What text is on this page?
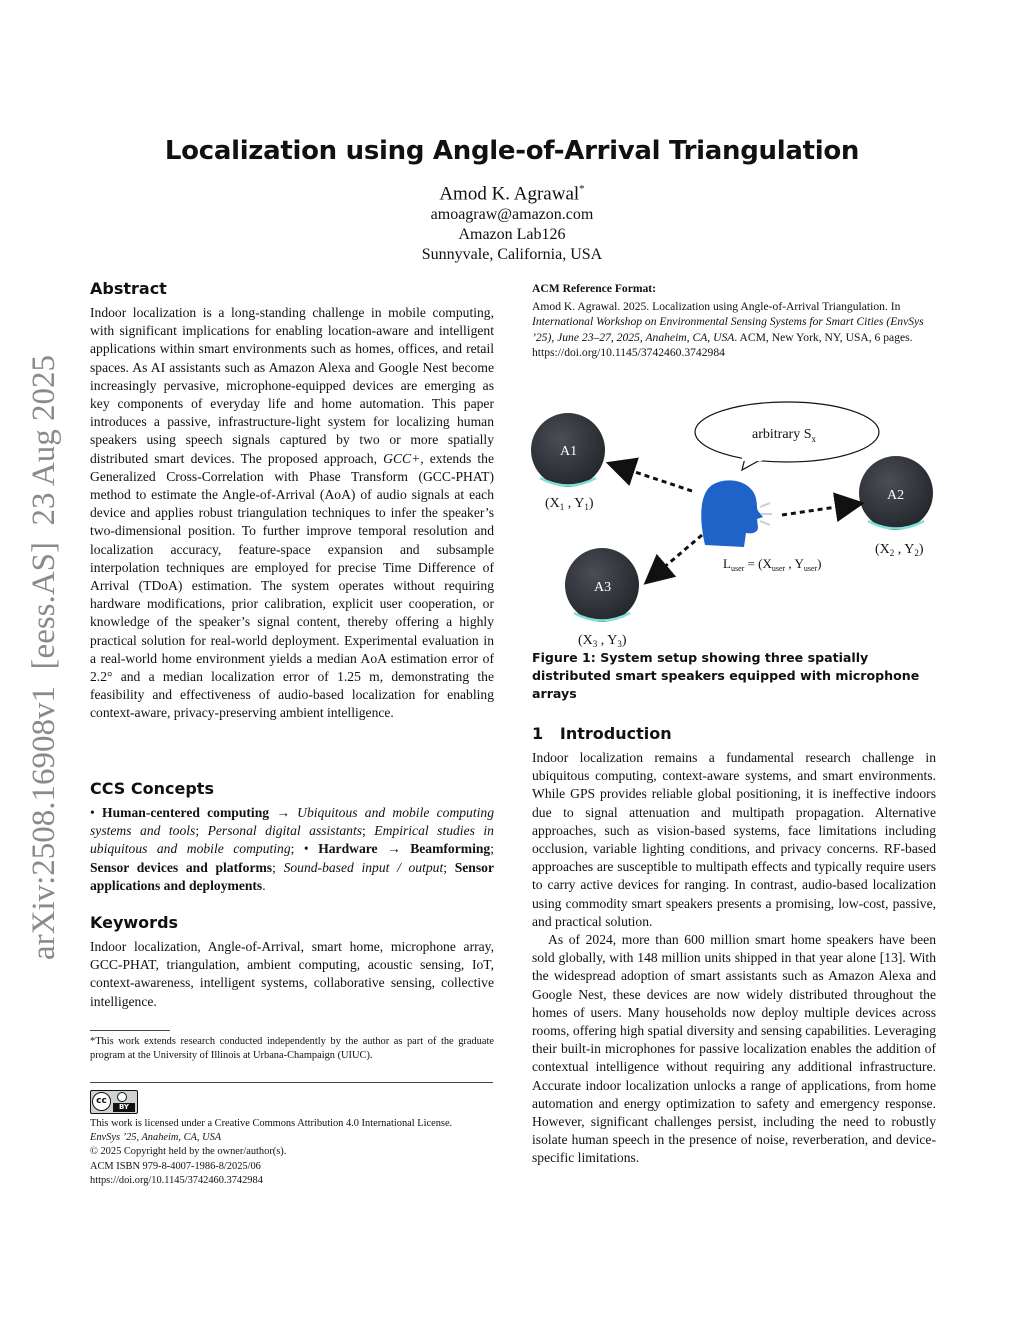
Localization using Angle-of-Arrival Triangulation
Amod K. Agrawal*
amoagraw@amazon.com
Amazon Lab126
Sunnyvale, California, USA
arXiv:2508.16908v1  [eess.AS]  23 Aug 2025
Abstract
Indoor localization is a long-standing challenge in mobile computing, with significant implications for enabling location-aware and intelligent applications within smart environments such as homes, offices, and retail spaces. As AI assistants such as Amazon Alexa and Google Nest become increasingly pervasive, microphone-equipped devices are emerging as key components of everyday life and home automation. This paper introduces a passive, infrastructure-light system for localizing human speakers using speech signals captured by two or more spatially distributed smart devices. The proposed approach, GCC+, extends the Generalized Cross-Correlation with Phase Transform (GCC-PHAT) method to estimate the Angle-of-Arrival (AoA) of audio signals at each device and applies robust triangulation techniques to infer the speaker’s two-dimensional position. To further improve temporal resolution and localization accuracy, feature-space expansion and subsample interpolation techniques are employed for precise Time Difference of Arrival (TDoA) estimation. The system operates without requiring hardware modifications, prior calibration, explicit user cooperation, or knowledge of the speaker’s signal content, thereby offering a highly practical solution for real-world deployment. Experimental evaluation in a real-world home environment yields a median AoA estimation error of 2.2° and a median localization error of 1.25 m, demonstrating the feasibility and effectiveness of audio-based localization for enabling context-aware, privacy-preserving ambient intelligence.
CCS Concepts
• Human-centered computing → Ubiquitous and mobile computing systems and tools; Personal digital assistants; Empirical studies in ubiquitous and mobile computing; • Hardware → Beamforming; Sensor devices and platforms; Sound-based input / output; Sensor applications and deployments.
Keywords
Indoor localization, Angle-of-Arrival, smart home, microphone array, GCC-PHAT, triangulation, ambient computing, acoustic sensing, IoT, context-awareness, intelligent systems, collaborative sensing, collective intelligence.
*This work extends research conducted independently by the author as part of the graduate program at the University of Illinois at Urbana-Champaign (UIUC).
cc
BY
This work is licensed under a Creative Commons Attribution 4.0 International License.
EnvSys ’25, Anaheim, CA, USA
© 2025 Copyright held by the owner/author(s).
ACM ISBN 979-8-4007-1986-8/2025/06
https://doi.org/10.1145/3742460.3742984
ACM Reference Format:
Amod K. Agrawal. 2025. Localization using Angle-of-Arrival Triangulation. In International Workshop on Environmental Sensing Systems for Smart Cities (EnvSys ’25), June 23–27, 2025, Anaheim, CA, USA. ACM, New York, NY, USA, 6 pages. https://doi.org/10.1145/3742460.3742984
arbitrary $S_x$
A1
($X_1$ , $Y_1$)
A2
($X_2$ , $Y_2$)
A3
($X_3$ , $Y_3$)
$L_{user} = (X_{user}$ , $Y_{user}$)
Figure 1: System setup showing three spatially distributed smart speakers equipped with microphone arrays
1 Introduction
Indoor localization remains a fundamental research challenge in ubiquitous computing, context-aware systems, and smart environments. While GPS provides reliable global positioning, it is ineffective indoors due to signal attenuation and multipath propagation. Alternative approaches, such as vision-based systems, face limitations including occlusion, variable lighting conditions, and privacy concerns. RF-based approaches are susceptible to multipath effects and typically require users to carry active devices for ranging. In contrast, audio-based localization using commodity smart speakers presents a promising, low-cost, passive, and practical solution.
As of 2024, more than 600 million smart home speakers have been sold globally, with 148 million units shipped in that year alone [13]. With the widespread adoption of smart assistants such as Amazon Alexa and Google Nest, these devices are now widely distributed throughout the homes of users. Many households now deploy multiple devices across rooms, offering high spatial diversity and sensing capabilities. Leveraging their built-in microphones for passive localization enables the addition of contextual intelligence without requiring any additional infrastructure. Accurate indoor localization unlocks a range of applications, from home automation and energy optimization to safety and emergency response. However, significant challenges persist, including the need to robustly isolate human speech in the presence of noise, reverberation, and device-specific limitations.
